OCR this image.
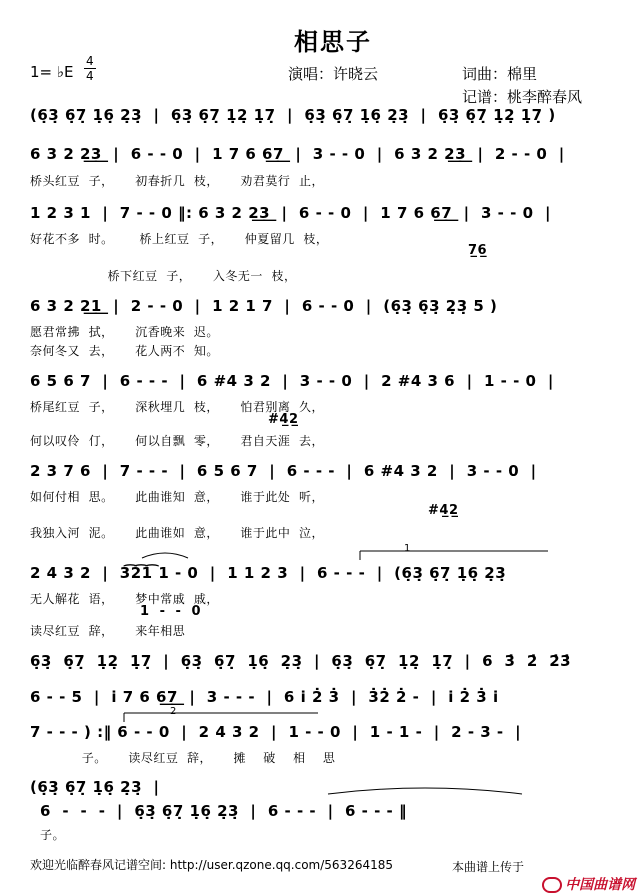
相思子
1= ♭E
4
4	演唱：许晓云	词曲：棉里
记谱：桃李醉春风
(6̣3̣ 6̣7̣ 1̣6̣ 2̣3̣  |  6̣3̣ 6̣7̣ 1̣2̣ 1̣7̣  |  6̣3̣ 6̣7̣ 1̣6̣ 2̣3̣  |  6̣3̣ 6̣7̣ 1̣2̣ 1̣7̣ )
6 3 2 2͟3͟  |  6 - - 0  |  1 7 6 6͟7͟  |  3 - - 0  |  6 3 2 2͟3͟  |  2 - - 0  |
桥头红豆  子，     初春折几  枝，     劝君莫行  止，
1 2 3 1  |  7 - - 0 ‖: 6 3 2 2͟3͟  |  6 - - 0  |  1 7 6 6͟7͟  |  3 - - 0  |
好花不多  时。      桥上红豆  子，     仲夏留几  枝，
7̲6̲
桥下红豆  子，     入冬无一  枝，
6 3 2 2͟1͟  |  2 - - 0  |  1 2 1 7  |  6 - - 0  |  (6̣3̣ 6̣3̣ 2̣3̣ 5 )
愿君常拂  拭，     沉香晚来  迟。
奈何冬又  去，     花人两不  知。
6 5 6 7  |  6 - - -  |  6 #4 3 2  |  3 - - 0  |  2 #4 3 6  |  1 - - 0  |
桥尾红豆  子，     深秋埋几  枝，     怕君别离  久，
#4̲2̲
何以叹伶  仃，     何以自飘  零，     君自天涯  去，
2 3 7 6  |  7 - - -  |  6 5 6 7  |  6 - - -  |  6 #4 3 2  |  3 - - 0  |
如何付相  思。     此曲谁知  意，     谁于此处  听，
#4̲2̲
我独入河  泥。     此曲谁如  意，     谁于此中  泣，
1
2 4 3 2  |  3͡2͡1͡ 1 - 0  |  1 1 2 3  |  6 - - -  |  (6̣3̣ 6̣7̣ 1̣6̣ 2̣3̣
无人解花  语，     梦中常戚  戚，
1  -  -  0
读尽红豆  辞，     来年相思
6̣3̣  6̣7̣  1̣2̣  1̣7̣  |  6̣3̣  6̣7̣  1̣6̣  2̣3̣  |  6̣3̣  6̣7̣  1̣2̣  1̣7̣  |  6  3̇  2̇  2̇3̇
6 - - 5  |  i 7 6 6͟7͟  |  3 - - -  |  6 i 2̇ 3̇  |  3̇2̇ 2̇ -  |  i 2̇ 3̇ i
2
7 - - - ) :‖ 6 - - 0  |  2 4 3 2  |  1 - - 0  |  1 - 1 -  |  2 - 3 -  |
子。     读尽红豆  辞，     摊    破    相    思
(6̣3̣ 6̣7̣ 1̣6̣ 2̣3̣  |
6  -  -  -  |  6̣3̣ 6̣7̣ 1̣6̣ 2̣3̣  |  6 - - -  |  6 - - - ‖
子。
欢迎光临醉春风记谱空间: http://user.qzone.qq.com/563264185	本曲谱上传于

中国曲谱网
